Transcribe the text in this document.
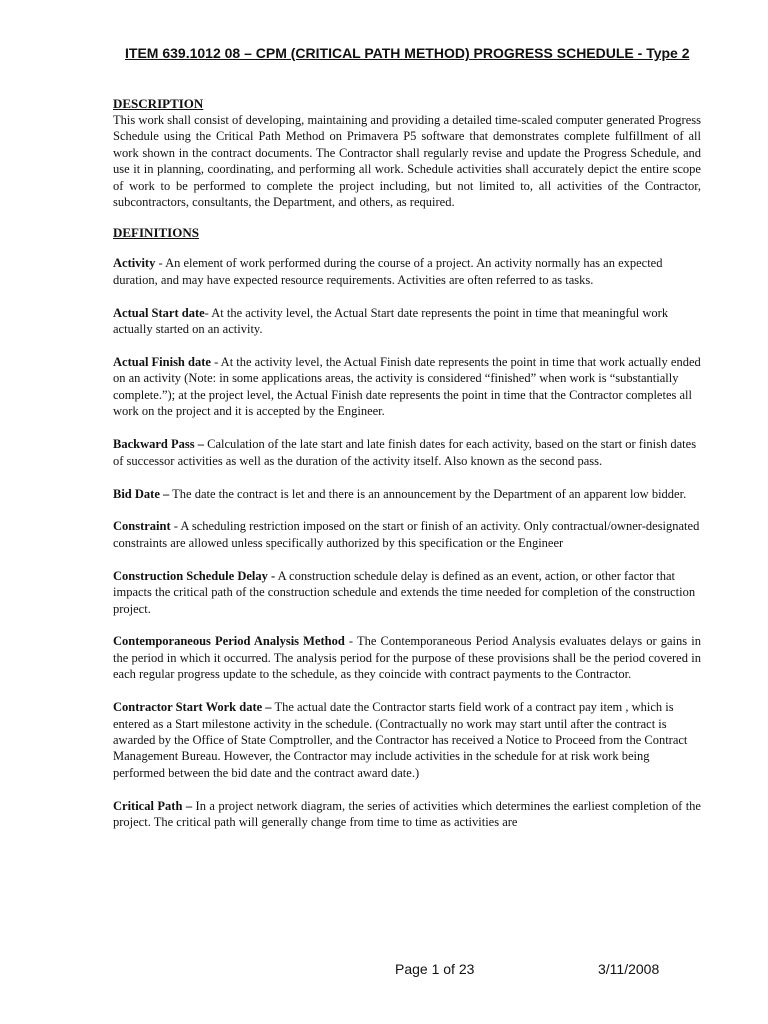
ITEM 639.1012 08 – CPM (CRITICAL PATH METHOD) PROGRESS SCHEDULE - Type 2
DESCRIPTION

This work shall consist of developing, maintaining and providing a detailed time-scaled computer generated Progress Schedule using the Critical Path Method on Primavera P5 software that demonstrates complete fulfillment of all work shown in the contract documents. The Contractor shall regularly revise and update the Progress Schedule, and use it in planning, coordinating, and performing all work. Schedule activities shall accurately depict the entire scope of work to be performed to complete the project including, but not limited to, all activities of the Contractor, subcontractors, consultants, the Department, and others, as required.

DEFINITIONS

Activity - An element of work performed during the course of a project. An activity normally has an expected duration, and may have expected resource requirements. Activities are often referred to as tasks.

Actual Start date- At the activity level, the Actual Start date represents the point in time that meaningful work actually started on an activity.

Actual Finish date - At the activity level, the Actual Finish date represents the point in time that work actually ended on an activity (Note: in some applications areas, the activity is considered “finished” when work is “substantially complete.”); at the project level, the Actual Finish date represents the point in time that the Contractor completes all work on the project and it is accepted by the Engineer.

Backward Pass – Calculation of the late start and late finish dates for each activity, based on the start or finish dates of successor activities as well as the duration of the activity itself. Also known as the second pass.

Bid Date – The date the contract is let and there is an announcement by the Department of an apparent low bidder.

Constraint - A scheduling restriction imposed on the start or finish of an activity. Only contractual/owner-designated constraints are allowed unless specifically authorized by this specification or the Engineer

Construction Schedule Delay - A construction schedule delay is defined as an event, action, or other factor that impacts the critical path of the construction schedule and extends the time needed for completion of the construction project.

Contemporaneous Period Analysis Method - The Contemporaneous Period Analysis evaluates delays or gains in the period in which it occurred. The analysis period for the purpose of these provisions shall be the period covered in each regular progress update to the schedule, as they coincide with contract payments to the Contractor.

Contractor Start Work date – The actual date the Contractor starts field work of a contract pay item , which is entered as a Start milestone activity in the schedule. (Contractually no work may start until after the contract is awarded by the Office of State Comptroller, and the Contractor has received a Notice to Proceed from the Contract Management Bureau. However, the Contractor may include activities in the schedule for at risk work being performed between the bid date and the contract award date.)

Critical Path – In a project network diagram, the series of activities which determines the earliest completion of the project. The critical path will generally change from time to time as activities are

Page 1 of 23	3/11/2008
